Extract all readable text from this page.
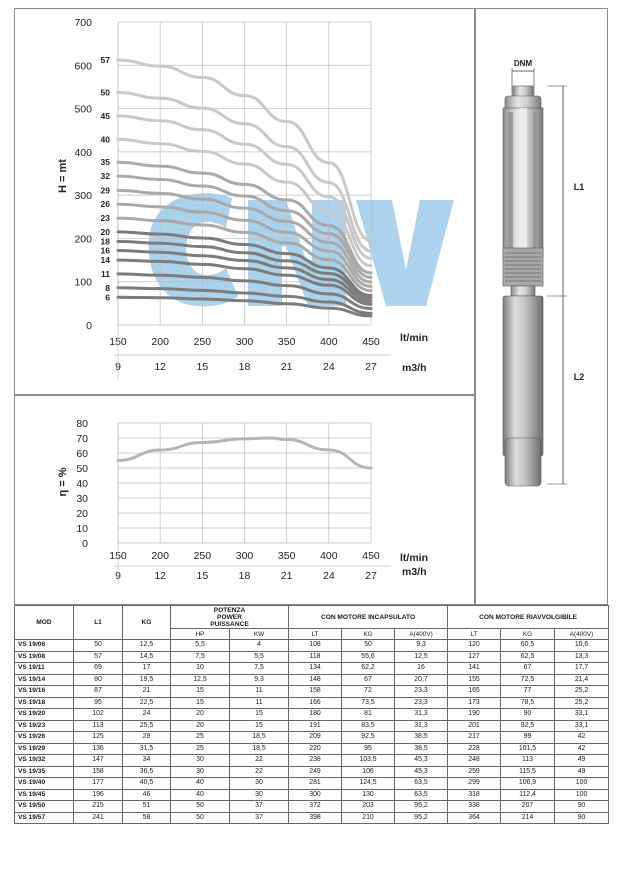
0
100
200
300
400
500
600
700
150
9
200
12
250
15
300
18
350
21
400
24
450
27
57
50
45
40
35
32
29
26
23
20
18
16
14
11
8
6
H = mt
lt/min
m3/h
0
10
20
30
40
50
60
70
80
150
9
200
12
250
15
300
18
350
21
400
24
450
27
η = %
lt/min
m3/h
DNM
L1
L2
MOD	L1	KG	POTENZA
POWER
PUISSANCE		CON MOTORE INCAPSULATO			CON MOTORE RIAVVOLGIBILE		
			HP	KW	LT	KG	A(400V)	LT	KG	A(400V)
VS 19/06	50	12,5	5,5	4	108	50	9,3	120	60,5	10,6
VS 19/08	57	14,5	7,5	5,5	118	55,6	12,5	127	62,5	13,3
VS 19/11	69	17	10	7,5	134	62,2	16	141	67	17,7
VS 19/14	80	19,5	12,5	9,3	148	67	20,7	155	72,5	21,4
VS 19/16	87	21	15	11	158	72	23,3	165	77	25,2
VS 19/18	95	22,5	15	11	166	73,5	23,3	173	78,5	25,2
VS 19/20	102	24	20	15	180	81	31,3	190	90	33,1
VS 19/23	113	25,5	20	15	191	83,5	31,3	201	92,5	33,1
VS 19/26	125	29	25	18,5	209	92,5	38,5	217	99	42
VS 19/29	136	31,5	25	18,5	220	95	38,5	228	101,5	42
VS 19/32	147	34	30	22	238	103,5	45,3	248	113	49
VS 19/35	158	36,5	30	22	249	106	45,3	259	115,5	49
VS 19/40	177	40,5	40	30	281	124,5	63,5	299	106,9	100
VS 19/45	196	46	40	30	300	130	63,5	318	112,4	100
VS 19/50	215	51	50	37	372	203	95,2	338	207	90
VS 19/57	241	58	50	37	398	210	95,2	364	214	90
